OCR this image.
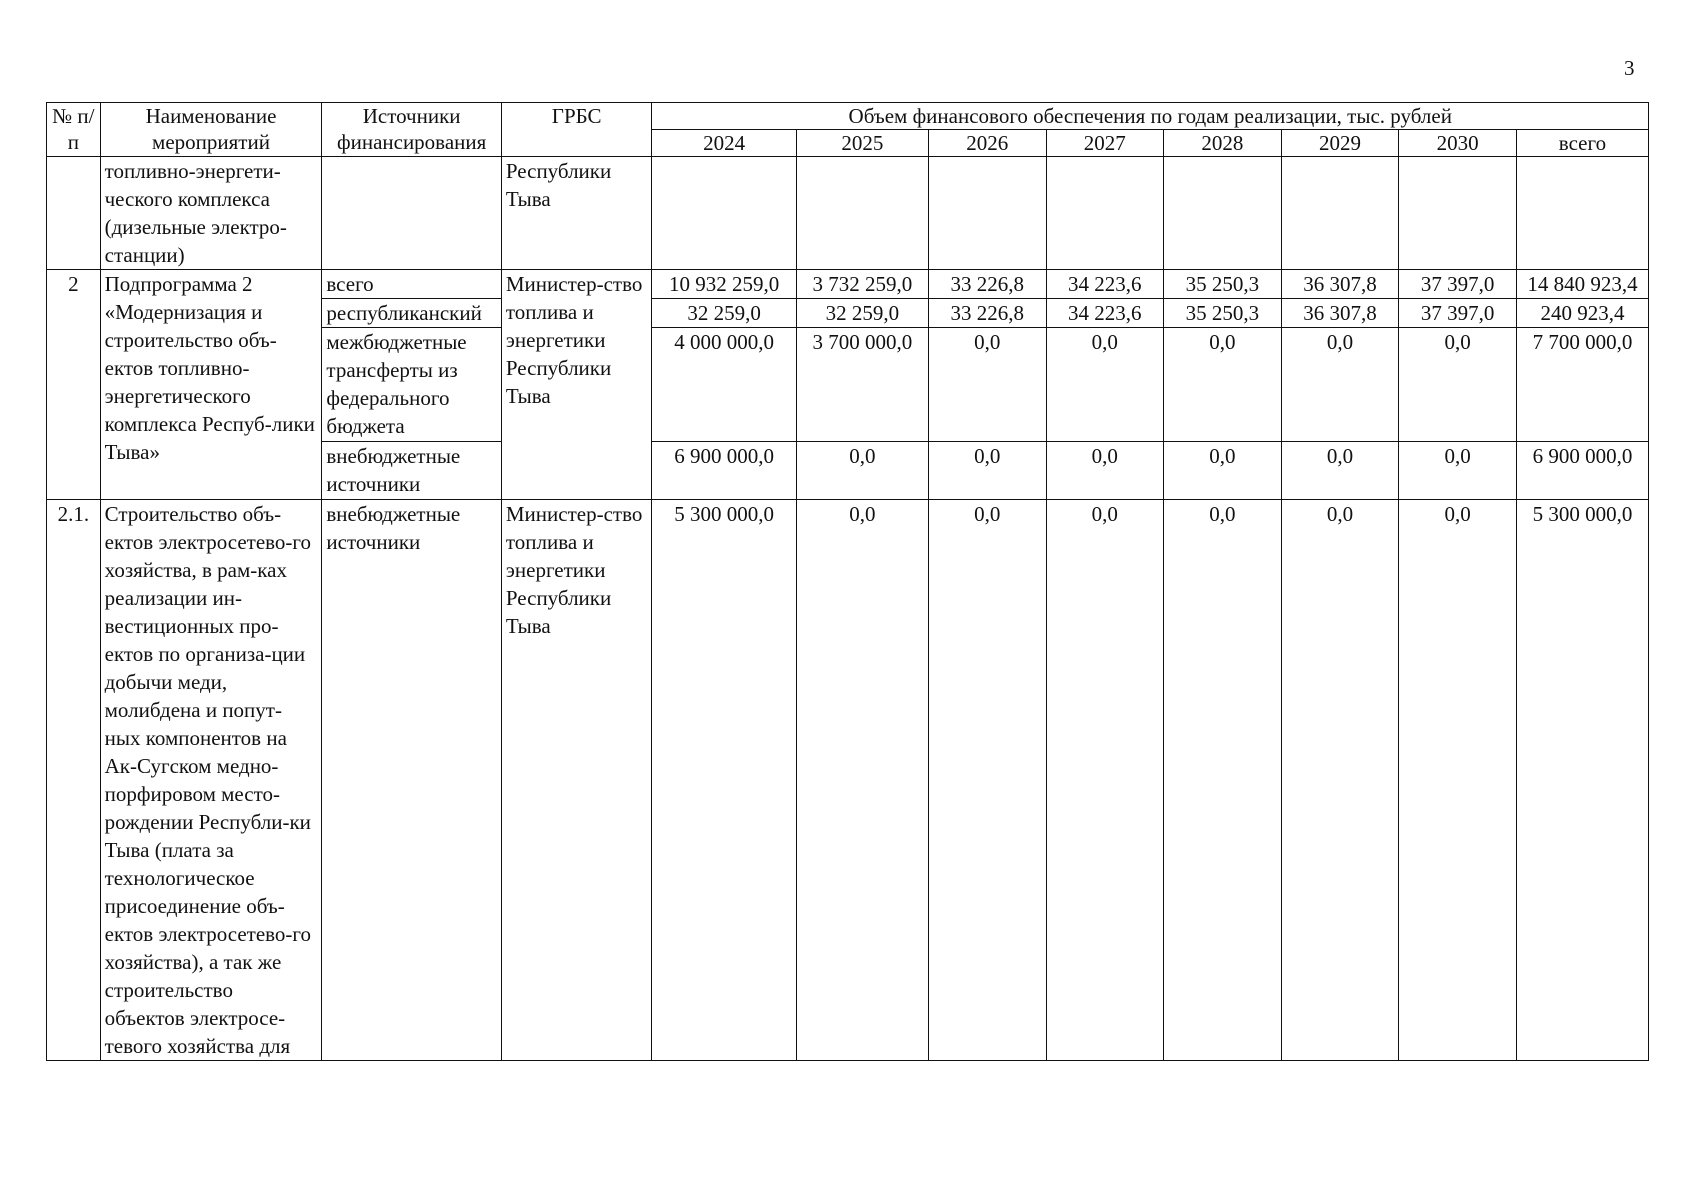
3
№ п/п	Наименование мероприятий	Источники финансирования	ГРБС	Объем финансового обеспечения по годам реализации, тыс. рублей							
				2024	2025	2026	2027	2028	2029	2030	всего
	топливно-энергети-ческого комплекса (дизельные электро-станции)		Республики Тыва								
2	Подпрограмма 2 «Модернизация и строительство объ-ектов топливно-энергетического комплекса Респуб-лики Тыва»	всего	Министер-ство топлива и энергетики Республики Тыва	10 932 259,0	3 732 259,0	33 226,8	34 223,6	35 250,3	36 307,8	37 397,0	14 840 923,4
		республиканский		32 259,0	32 259,0	33 226,8	34 223,6	35 250,3	36 307,8	37 397,0	240 923,4
		межбюджетные трансферты из федерального бюджета		4 000 000,0	3 700 000,0	0,0	0,0	0,0	0,0	0,0	7 700 000,0
		внебюджетные источники		6 900 000,0	0,0	0,0	0,0	0,0	0,0	0,0	6 900 000,0
2.1.	Строительство объ-ектов электросетево-го хозяйства, в рам-ках реализации ин-вестиционных про-ектов по организа-ции добычи меди, молибдена и попут-ных компонентов на Ак-Сугском медно-порфировом место-рождении Республи-ки Тыва (плата за технологическое присоединение объ-ектов электросетево-го хозяйства), а так же строительство объектов электросе-тевого хозяйства для	внебюджетные источники	Министер-ство топлива и энергетики Республики Тыва	5 300 000,0	0,0	0,0	0,0	0,0	0,0	0,0	5 300 000,0
